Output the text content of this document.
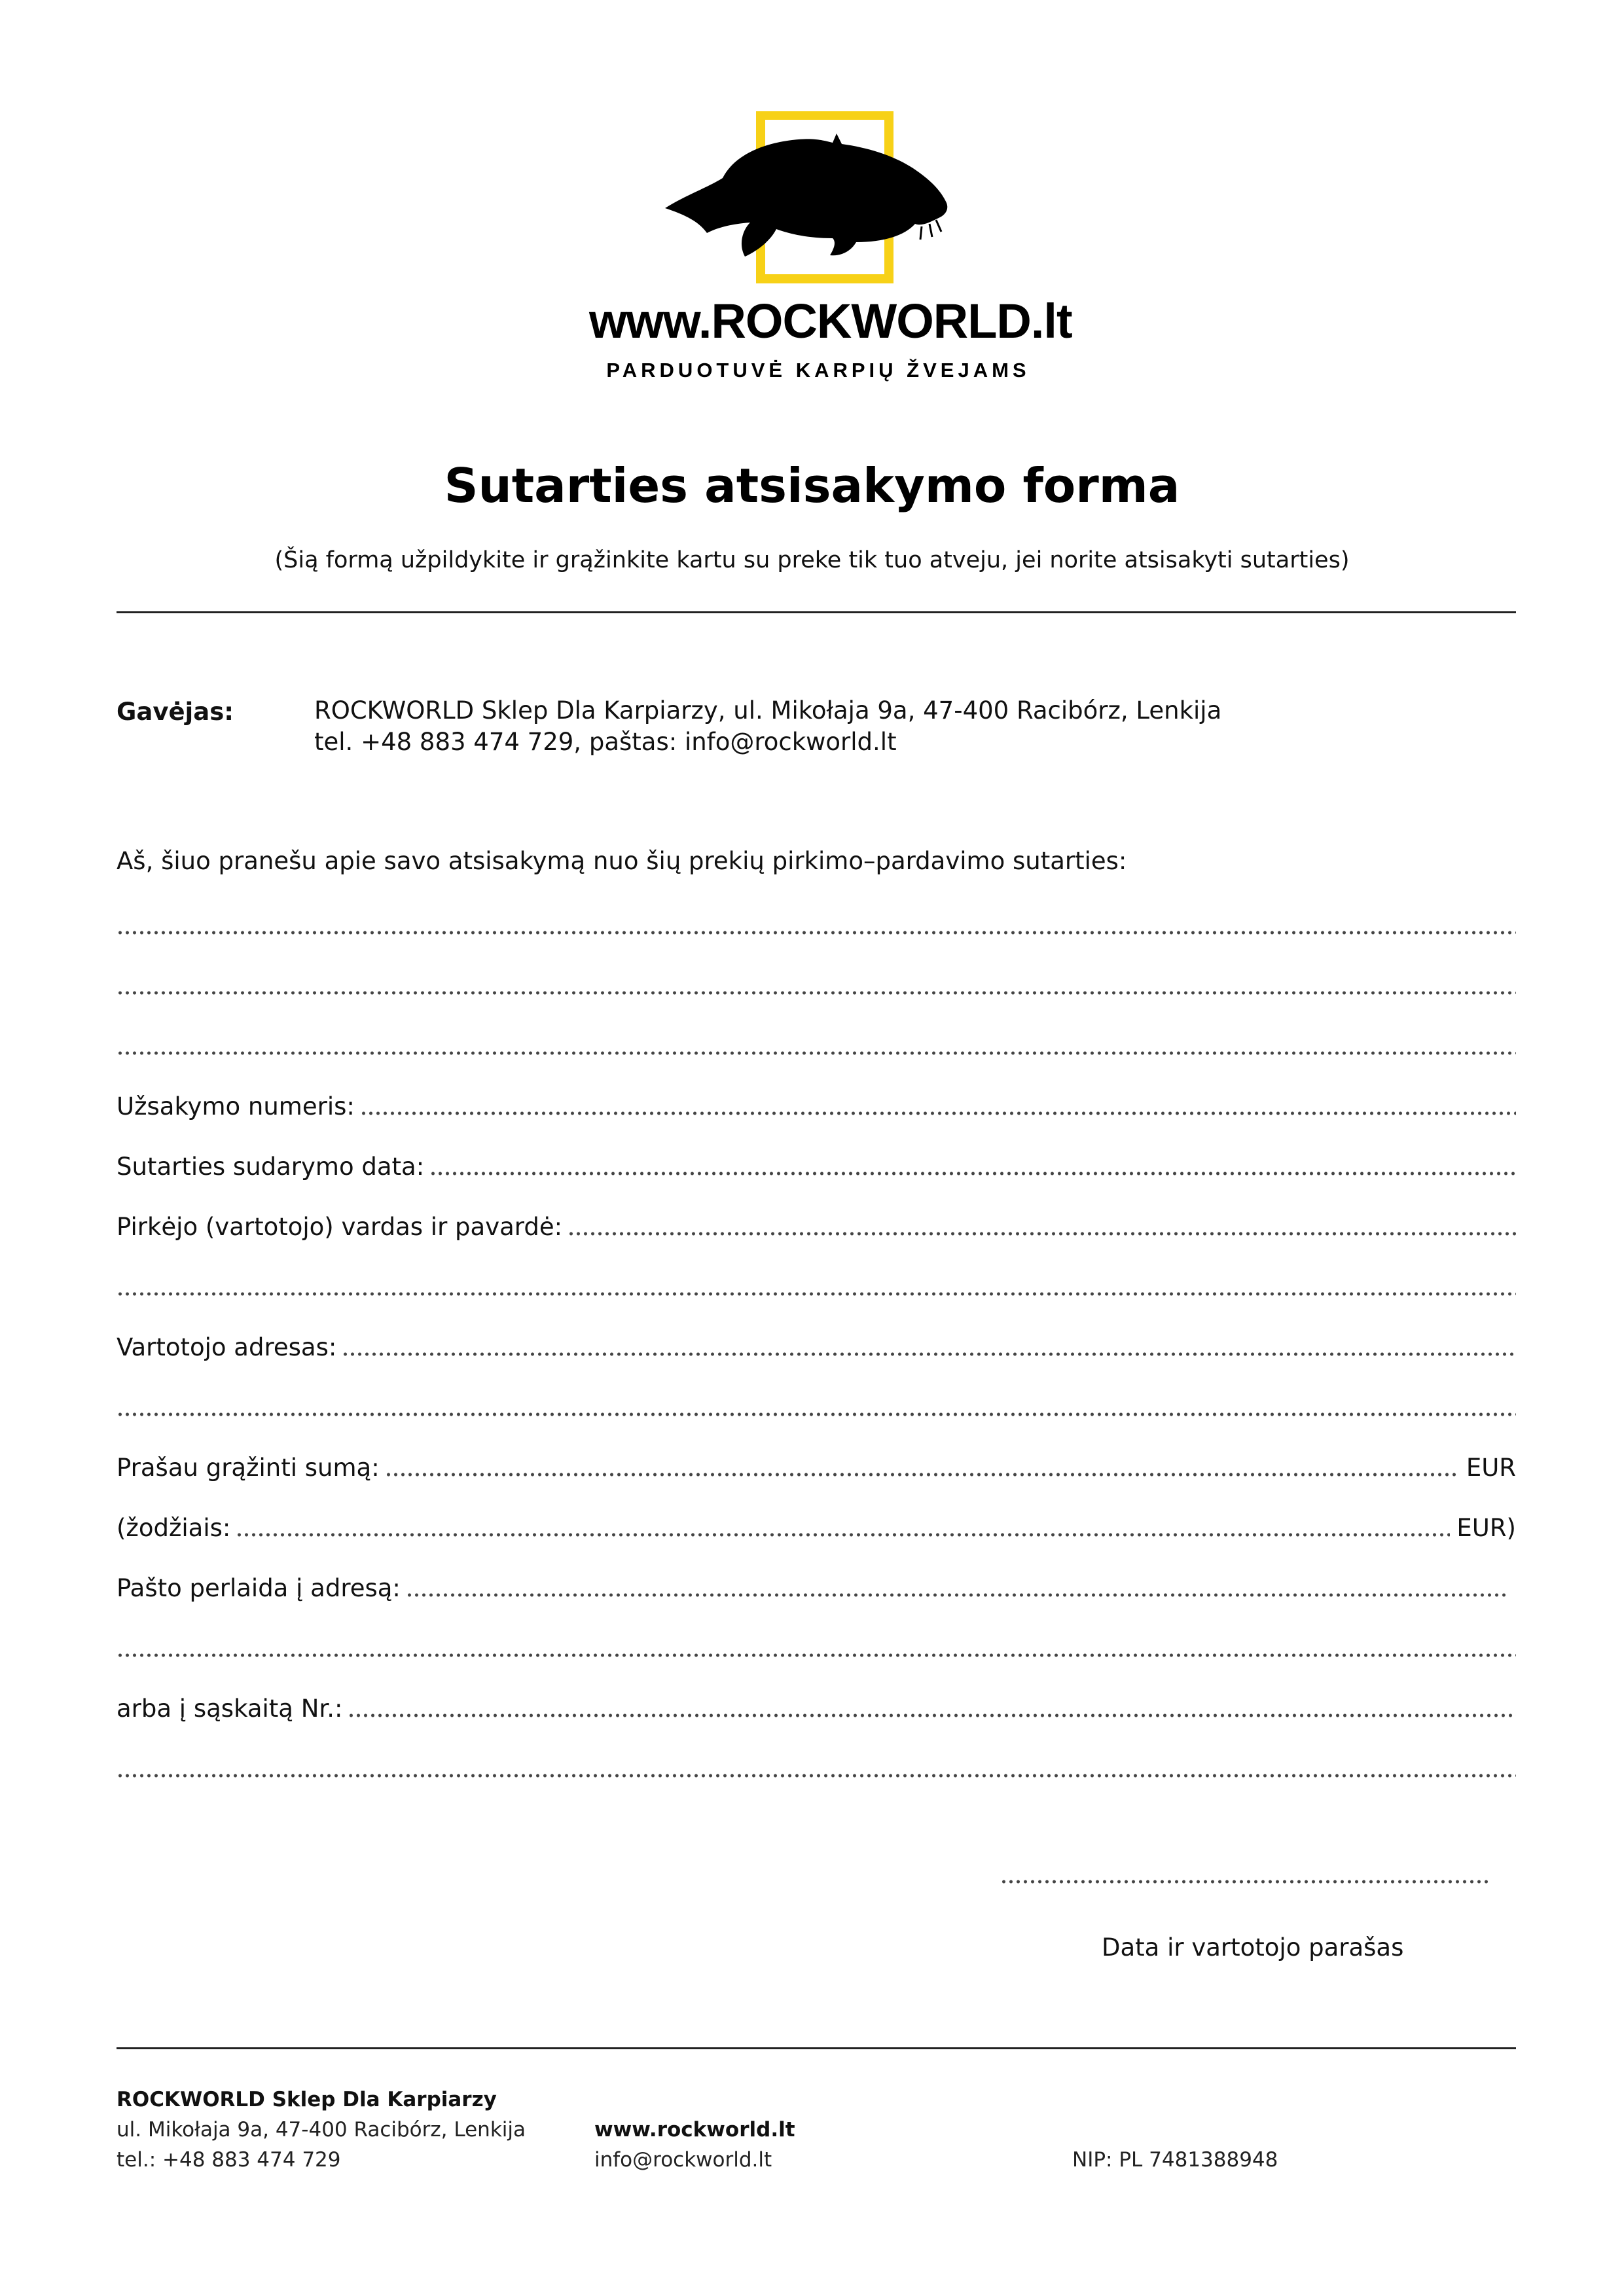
www.ROCKWORLD.lt
PARDUOTUVĖ KARPIŲ ŽVEJAMS
Sutarties atsisakymo forma
(Šią formą užpildykite ir grąžinkite kartu su preke tik tuo atveju, jei norite atsisakyti sutarties)
Gavėjas:	ROCKWORLD Sklep Dla Karpiarzy, ul. Mikołaja 9a, 47-400 Racibórz, Lenkija
tel. +48 883 474 729, paštas: info@rockworld.lt
Aš, šiuo pranešu apie savo atsisakymą nuo šių prekių pirkimo–pardavimo sutarties:
Užsakymo numeris:
Sutarties sudarymo data:
Pirkėjo (vartotojo) vardas ir pavardė:
Vartotojo adresas:
Prašau grąžinti sumą:	EUR
(žodžiais:	EUR)
Pašto perlaida į adresą:
arba į sąskaitą Nr.:
Data ir vartotojo parašas
ROCKWORLD Sklep Dla Karpiarzy
ul. Mikołaja 9a, 47-400 Racibórz, Lenkija
tel.: +48 883 474 729
www.rockworld.lt
info@rockworld.lt	NIP: PL 7481388948
